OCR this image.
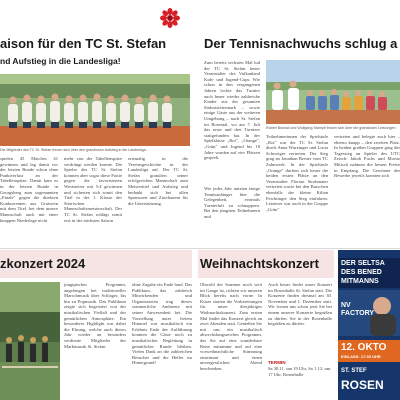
aison für den TC St. Stefan
nd Aufstieg in die Landesliga!
Die Mitglieder des TC St. Stefan freuen sich über den grandiosen Aufstieg in die Landesliga.
spielen 45 Matches 41 gewinnen und lag damit vor der letzten Runde schon ohne Punktverlust an der Tabellenspitze. Damit kam es in der letzten Runde in Georgsberg zum sogenannten „Finale" gegen die direkten Konkurrenten aus Gratwein mit dem Titel, bei dem unsere Mannschaft auch mit einer knappen Niederlage nicht
mehr von der Tabellenspitze verdrängt werden konnte. Die Spieler des TC St. Stefan konnten aber sogar diese Partie gegen die favorisierten Weststeirer mit 5:4 gewinnen und sicherten sich somit den Titel in der 1. Klasse der Steirischen Mannschaftsmeisterschaft. Der TC St. Stefan schlägt somit erst in der nächsten Saison
erstmalig in die Vereinsgeschichte in der Landesliga auf. Der TC St. Stefan gratuliert seiner erfolgreichen Mannschaft zum Meistertitel und Aufstieg und bedankt sich bei allen Sponsoren und Zuschauern für die Unterstützung.
Der Tennisnachwuchs schlug a
Zum bereits sechsten Mal lud der TC St. Stefan heuer Veranstalter des Vulkanland Kids- und Jugend-Cups. Wie schon in den vergangenen Jahren lockte das Turnier auch heuer wieder zahlreiche Kinder aus der gesamten Südoststeiermark – sowie einige Gäste aus der weiteren Umgebung – nach St. Stefan im Rosental, wo am 7. Juli das erste und drei Turniere stattgefunden hat. In der Spielklasse „Rot", „Orange", „Grün" und Jugend bis 18 Jahre wurden auf vier Plätzen gespielt.
Wie jedes Jahr nutzten einige Tennisanfänger hier die Gelegenheit, erstmals Turnierluft zu schnuppern. Bei den jüngsten Teilnehmern und
Robert Bonrad und Wolfgang Stampfl freuen sich über die grandiosen Leistungen
Teilnehmerinnen der Spielstufe „Rot" war der TC St. Stefan durch Anna Wurzinger und Lucia Schweiger vertreten. Der Sieg ging an Jonathan Breuer vom TC Zahnwerk. In der Spielstufe „Orange" durften sich heuer die beiden ersten Plätze an den Veranstalter Florian Strohmaier vertreten sowie bei den Burschen ebenfalls der kleine Kilian Feichtinger den Sieg einfahren. Letzterer war auch in der Gruppe „Grün"
vertreten und belegte auch hier – ebenso knapp – den zweiten Platz. In beiden großen Gruppen ging der Tagessieg an Spieler des UTC Zetsch: Jakob Fuchs und Moritz Mitisch nahmen die besten Preise in Empfang. Die Gewinner der Bewerbe jeweils konnten sich
zkonzert 2024
jungtpisches Programm, angefangen bei traditioneller Marschmusik über Schlager, bis hin zu Popmusik. Das Publikum zeigte sich begeistert von der musikalischen Vielfalt und der gemütlichen Atmosphäre. Ein besonderes Highlight war dabei die Ehrung, welche auch dieses Jahr wieder an besonders verdiente Mitglieder der Marktmusik St. Stefan
ohne Zugabe ein Ende fand. Das Publikum, das zahlreich Mitwirkenden und Organisatoren trug dieses sommerliche Ambiente mit seiner Anwesenheit bei. Die Vorstellung unter freiem Himmel war musikalisch ein Erlebnis Ende der Aufführung konnten die Gäste noch zu musikalischer Begleitung in gemütlicher Runde bleiben. Vielen Dank an die zahlreichen Besucher und die Helfer im Hintergrund!
Weihnachtskonzert
Obwohl der Sommer noch weit im Gange ist, richten wir unseren Blick bereits nach vorne. In Kürze starten die Vorbereitungen für unser diesjähriges Weihnachtskonzert. Zum ersten Mal findet das Konzert gleich an zwei Abenden statt. Genießen Sie mit uns ein musikalisch abwechslungsreiches Programm, das Sie auf eine wunderbare Reise mitnimmt und auf eine vorweihnachtliche Stimmung einstimmt und einen unvergesslichen Abend beschenken.
Auch heuer findet unser Konzert im Rosenhalle St. Stefan statt. Die Konzerte finden diesmal am 30. November und 1. Dezember statt. Wir freuen uns schon jetzt Sie bei einem unserer Konzerte begrüßen zu dürfen. Sie in der Rosenhalle begrüßen zu dürfen.
TERMIN
Sa 30.11. um 19 Uhr, So 1.12. um 17 Uhr, Rosenhalle
DER SELTSA
DES BENED
MITMANNS
NV
FACTORY
12. OKTO
EINLASS: 17:30 UHR
ST. STEF
ROSEN
